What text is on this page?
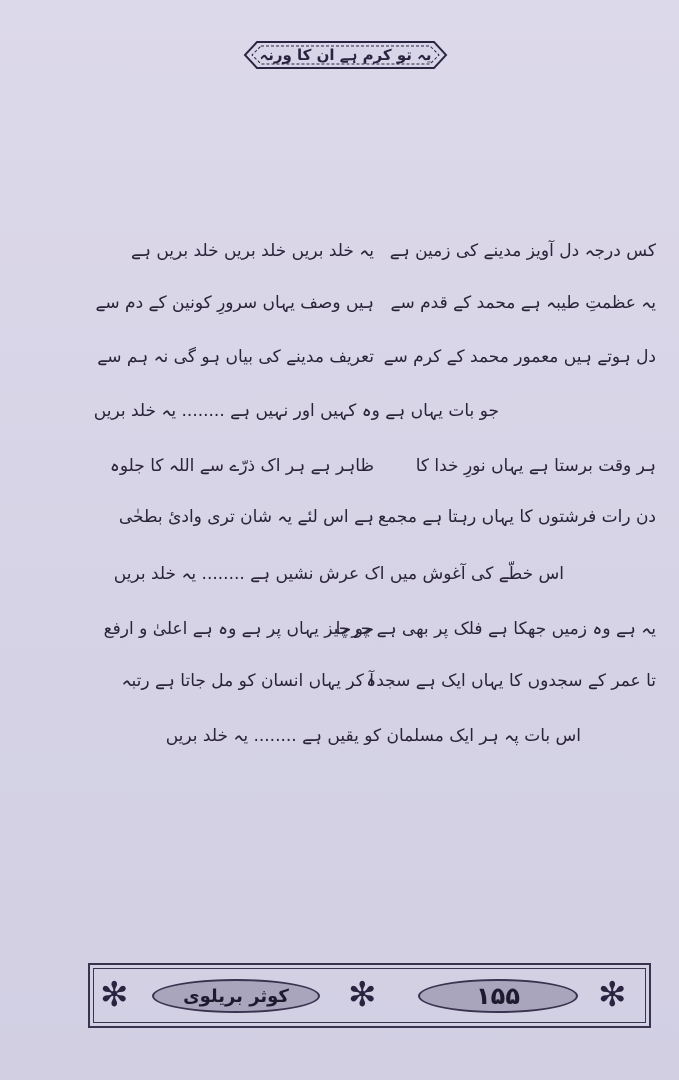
یہ تو کرم ہے ان کا ورنہ
کس درجہ دل آویز مدینے کی زمین ہے
یہ خلد بریں خلد بریں خلد بریں ہے
یہ عظمتِ طیبہ ہے محمد کے قدم سے
ہیں وصف یہاں سرورِ کونین کے دم سے
دل ہوتے ہیں معمور محمد کے کرم سے
تعریف مدینے کی بیاں ہو گی نہ ہم سے
جو بات یہاں ہے وہ کہیں اور نہیں ہے ........ یہ خلد بریں
ہر وقت برستا ہے یہاں نورِ خدا کا
ظاہر ہے ہر اک ذرّے سے اللہ کا جلوہ
دن رات فرشتوں کا یہاں رہتا ہے مجمع
ہے اس لئے یہ شان تری وادئ بطحٰی
اس خطّے کی آغوش میں اک عرش نشیں ہے ........ یہ خلد بریں
یہ ہے وہ زمیں جھکا ہے فلک پر بھی ہے چرچا
جو چیز یہاں پر ہے وہ ہے اعلیٰ و ارفع
تا عمر کے سجدوں کا یہاں ایک ہے سجدہ
آ کر یہاں انسان کو مل جاتا ہے رتبہ
اس بات پہ ہر ایک مسلمان کو یقیں ہے ........ یہ خلد بریں
✻	کوثر بریلوی ✻	۱۵۵ ✻
